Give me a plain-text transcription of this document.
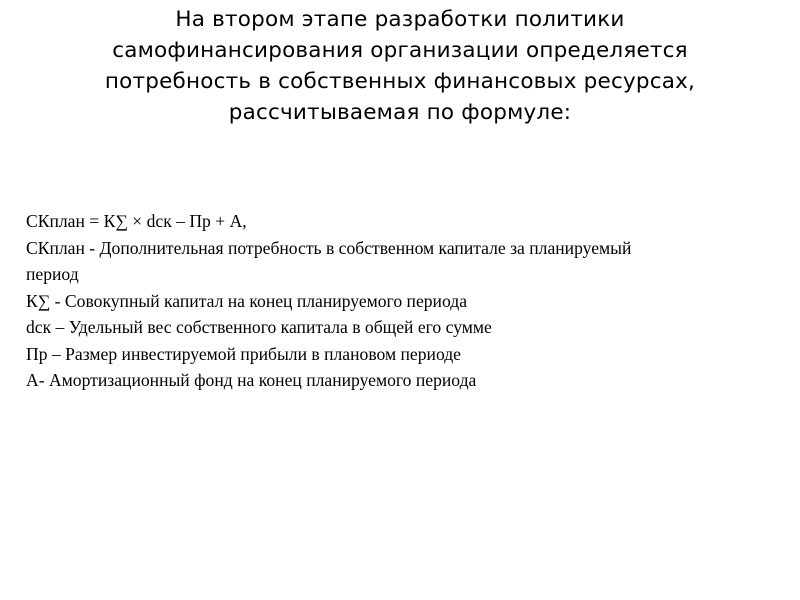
На втором этапе разработки политики
самофинансирования организации определяется
потребность в собственных финансовых ресурсах,
рассчитываемая по формуле:
СКплан = К∑ × dск – Пр + А,
СКплан - Дополнительная потребность в собственном капитале за планируемый
период
К∑ - Совокупный капитал на конец планируемого периода
dск – Удельный вес собственного капитала в общей его сумме
Пр – Размер инвестируемой прибыли в плановом периоде
А- Амортизационный фонд на конец планируемого периода
